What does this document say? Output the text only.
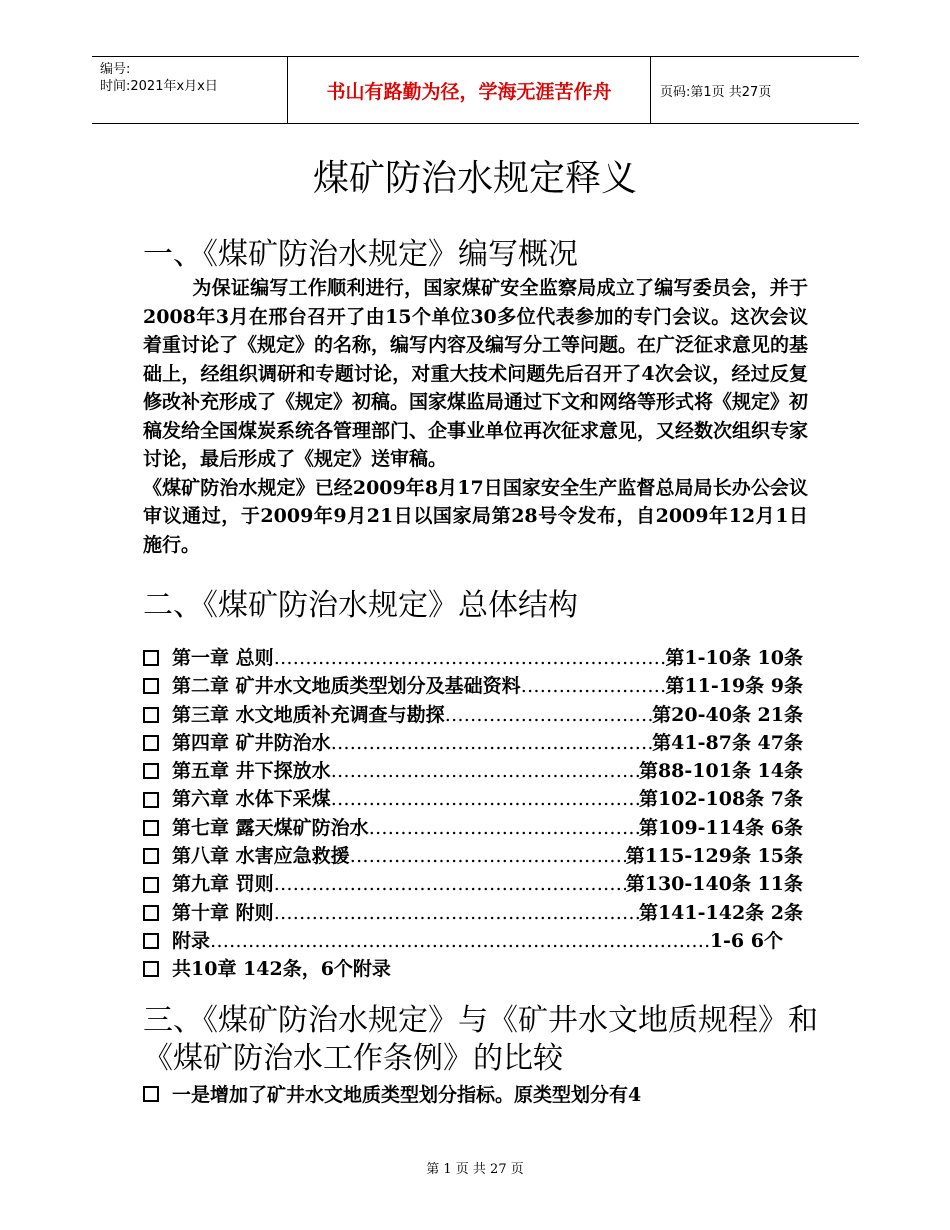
编号:
时间:2021年x月x日	书山有路勤为径，学海无涯苦作舟	页码:第1页 共27页
煤矿防治水规定释义
一、《煤矿防治水规定》编写概况

为保证编写工作顺利进行，国家煤矿安全监察局成立了编写委员会，并于2008年3月在邢台召开了由15个单位30多位代表参加的专门会议。这次会议着重讨论了《规定》的名称，编写内容及编写分工等问题。在广泛征求意见的基础上，经组织调研和专题讨论，对重大技术问题先后召开了4次会议，经过反复修改补充形成了《规定》初稿。国家煤监局通过下文和网络等形式将《规定》初稿发给全国煤炭系统各管理部门、企事业单位再次征求意见，又经数次组织专家讨论，最后形成了《规定》送审稿。

《煤矿防治水规定》已经2009年8月17日国家安全生产监督总局局长办公会议审议通过，于2009年9月21日以国家局第28号令发布，自2009年12月1日施行。

二、《煤矿防治水规定》总体结构
第一章 总则 ……………………………………………………………………………………………………	第1-10条 10条
第二章 矿井水文地质类型划分及基础资料 ……………………………………………………………………………………………………	第11-19条 9条
第三章 水文地质补充调查与勘探 ……………………………………………………………………………………………………	第20-40条 21条
第四章 矿井防治水 ……………………………………………………………………………………………………	第41-87条 47条
第五章 井下探放水 ……………………………………………………………………………………………………	第88-101条 14条
第六章 水体下采煤 ……………………………………………………………………………………………………	第102-108条 7条
第七章 露天煤矿防治水 ……………………………………………………………………………………………………	第109-114条 6条
第八章 水害应急救援 ……………………………………………………………………………………………………	第115-129条 15条
第九章 罚则 ……………………………………………………………………………………………………	第130-140条 11条
第十章 附则 ……………………………………………………………………………………………………	第141-142条 2条
附录 ……………………………………………………………………………………………………	1-6 6个
共10章 142条，6个附录
三、《煤矿防治水规定》与《矿井水文地质规程》和《煤矿防治水工作条例》的比较
一是增加了矿井水文地质类型划分指标。原类型划分有4
第 1 页 共 27 页
